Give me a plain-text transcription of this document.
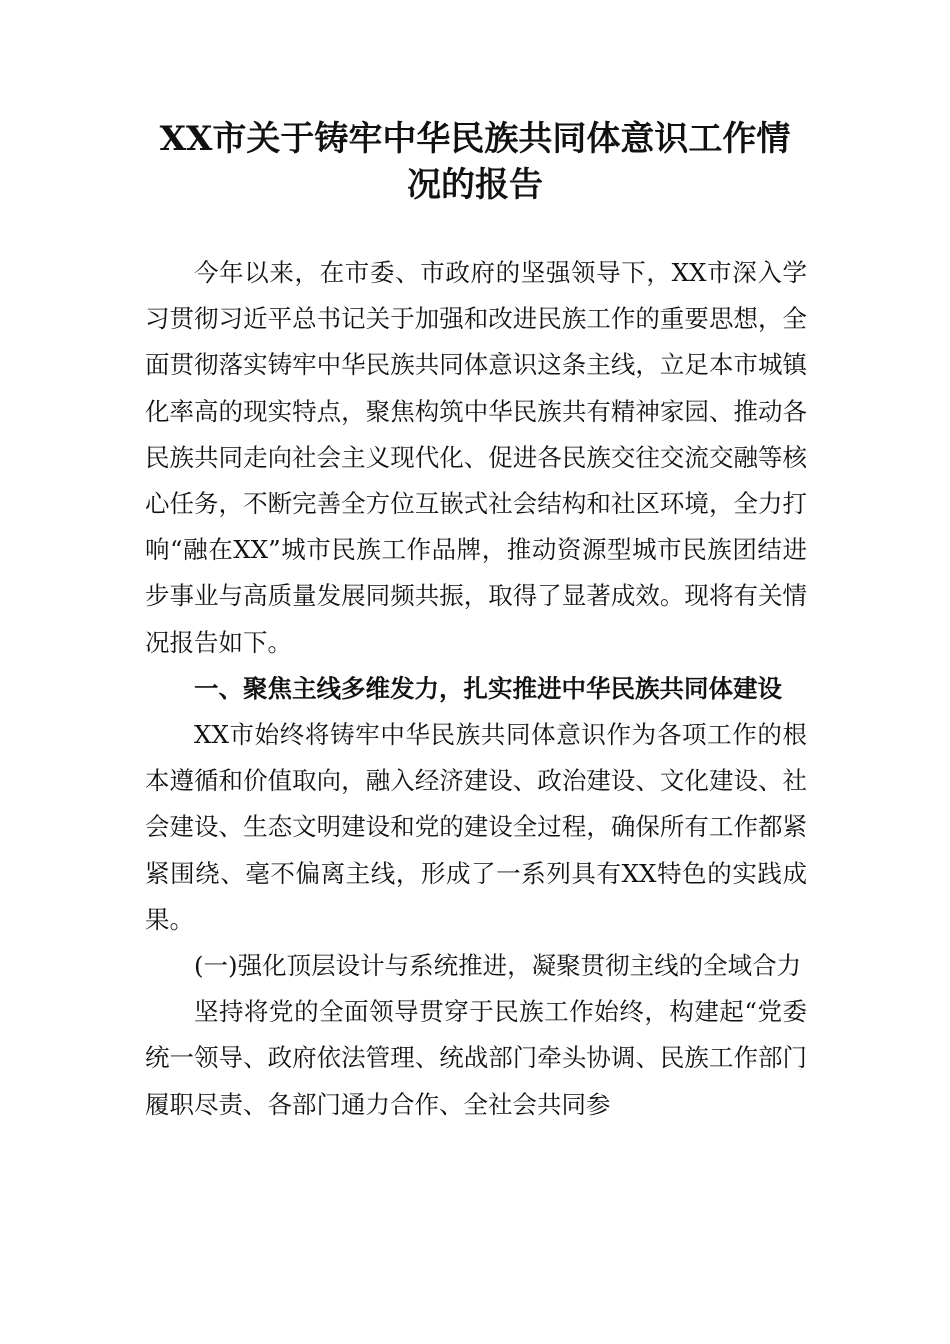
XX市关于铸牢中华民族共同体意识工作情
况的报告

今年以来，在市委、市政府的坚强领导下，XX市深入学习贯彻习近平总书记关于加强和改进民族工作的重要思想，全面贯彻落实铸牢中华民族共同体意识这条主线，立足本市城镇化率高的现实特点，聚焦构筑中华民族共有精神家园、推动各民族共同走向社会主义现代化、促进各民族交往交流交融等核心任务，不断完善全方位互嵌式社会结构和社区环境，全力打响“融在XX”城市民族工作品牌，推动资源型城市民族团结进步事业与高质量发展同频共振，取得了显著成效。现将有关情况报告如下。

一、聚焦主线多维发力，扎实推进中华民族共同体建设

XX市始终将铸牢中华民族共同体意识作为各项工作的根本遵循和价值取向，融入经济建设、政治建设、文化建设、社会建设、生态文明建设和党的建设全过程，确保所有工作都紧紧围绕、毫不偏离主线，形成了一系列具有XX特色的实践成果。

(一)强化顶层设计与系统推进，凝聚贯彻主线的全域合力

坚持将党的全面领导贯穿于民族工作始终，构建起“党委统一领导、政府依法管理、统战部门牵头协调、民族工作部门履职尽责、各部门通力合作、全社会共同参
